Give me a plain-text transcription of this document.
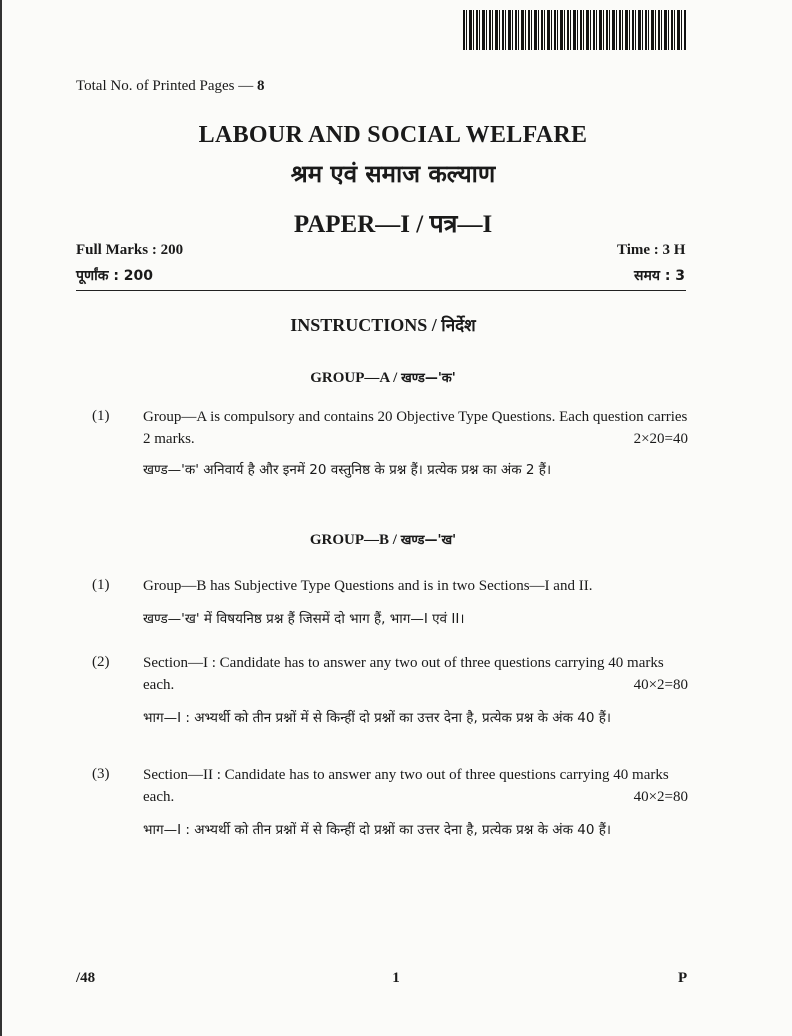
Total No. of Printed Pages — 8
LABOUR AND SOCIAL WELFARE
श्रम एवं समाज कल्याण
PAPER—I / पत्र—I
Full Marks : 200
पूर्णांक : 200
Time : 3 H
समय : 3
INSTRUCTIONS / निर्देश
GROUP—A / खण्ड—'क'
(1) Group—A is compulsory and contains 20 Objective Type Questions. Each question carries 2 marks.	2×20=40
खण्ड—'क' अनिवार्य है और इनमें 20 वस्तुनिष्ठ के प्रश्न हैं। प्रत्येक प्रश्न का अंक 2 हैं।
GROUP—B / खण्ड—'ख'
(1) Group—B has Subjective Type Questions and is in two Sections—I and II.
खण्ड—'ख' में विषयनिष्ठ प्रश्न हैं जिसमें दो भाग हैं, भाग—I एवं II।
(2) Section—I : Candidate has to answer any two out of three questions carrying 40 marks each.	40×2=80
भाग—I : अभ्यर्थी को तीन प्रश्नों में से किन्हीं दो प्रश्नों का उत्तर देना है, प्रत्येक प्रश्न के अंक 40 हैं।
(3) Section—II : Candidate has to answer any two out of three questions carrying 40 marks each.	40×2=80
भाग—I : अभ्यर्थी को तीन प्रश्नों में से किन्हीं दो प्रश्नों का उत्तर देना है, प्रत्येक प्रश्न के अंक 40 हैं।
/48	1	P
